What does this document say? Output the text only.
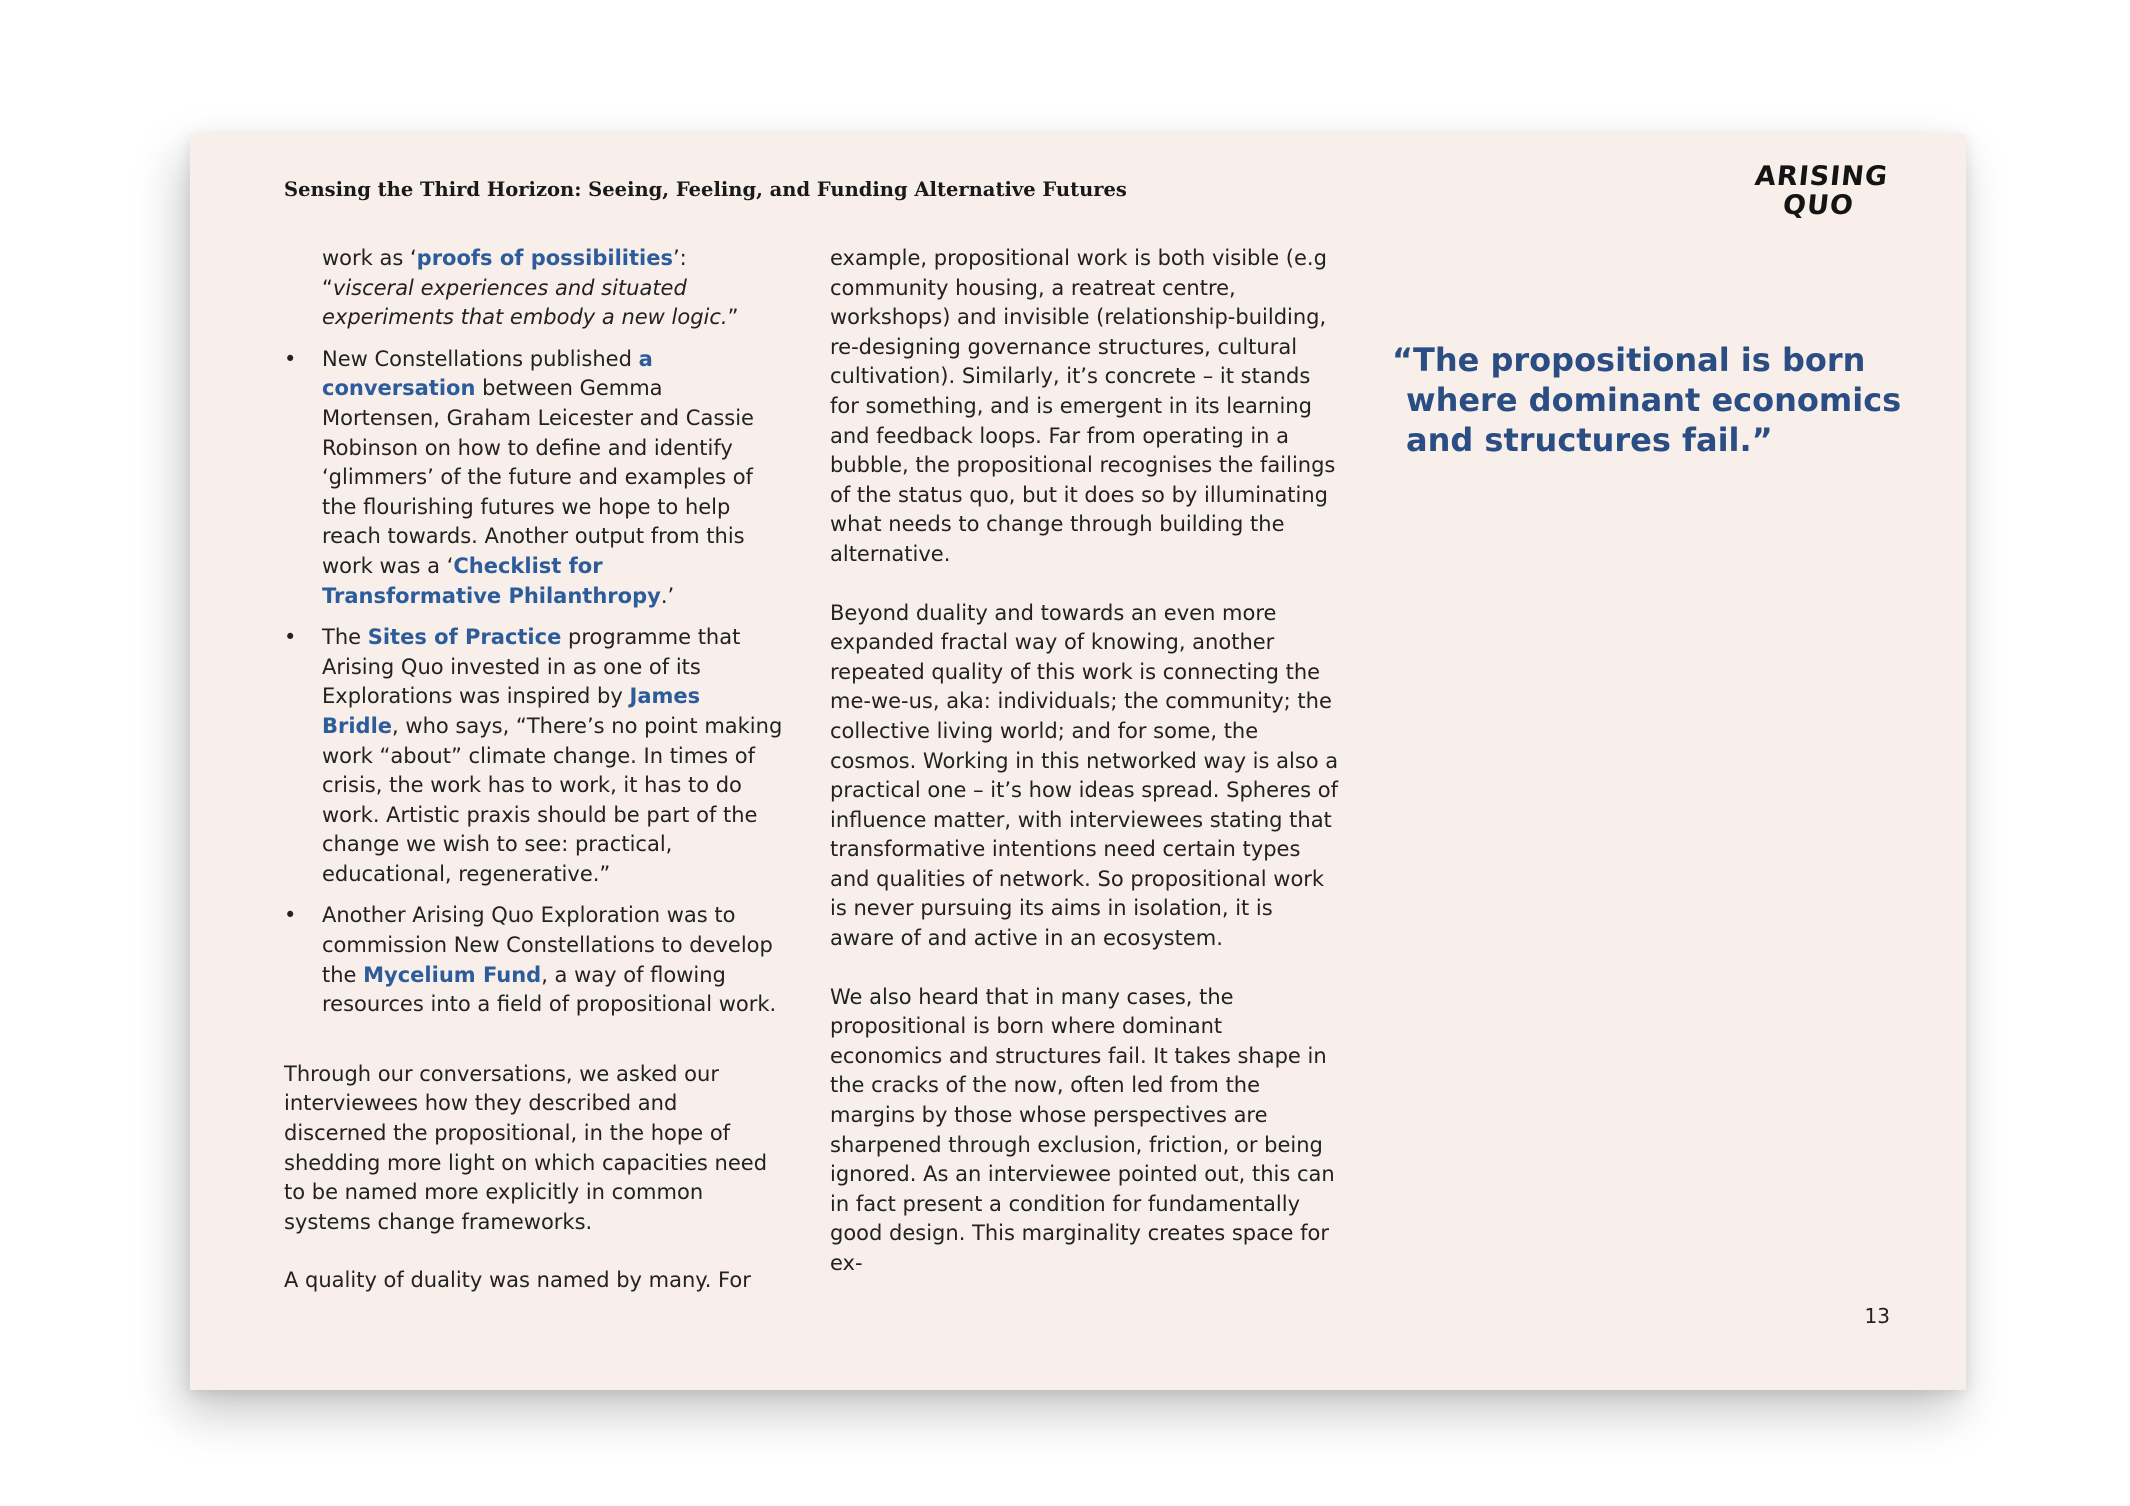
Sensing the Third Horizon: Seeing, Feeling, and Funding Alternative Futures	ARISING
QUO

work as ‘proofs of possibilities’: “visceral experiences and situated experiments that embody a new logic.”

• New Constellations published a conversation between Gemma Mortensen, Graham Leicester and Cassie Robinson on how to define and identify ‘glimmers’ of the future and examples of the flourishing futures we hope to help reach towards. Another output from this work was a ‘Checklist for Transformative Philanthropy.’
• The Sites of Practice programme that Arising Quo invested in as one of its Explorations was inspired by James Bridle, who says, “There’s no point making work “about” climate change. In times of crisis, the work has to work, it has to do work. Artistic praxis should be part of the change we wish to see: practical, educational, regenerative.”
• Another Arising Quo Exploration was to commission New Constellations to develop the Mycelium Fund, a way of flowing resources into a field of propositional work.

Through our conversations, we asked our interviewees how they described and discerned the propositional, in the hope of shedding more light on which capacities need to be named more explicitly in common systems change frameworks.

A quality of duality was named by many. For

example, propositional work is both visible (e.g community housing, a reatreat centre, workshops) and invisible (relationship-building, re-designing governance structures, cultural cultivation). Similarly, it’s concrete – it stands for something, and is emergent in its learning and feedback loops. Far from operating in a bubble, the propositional recognises the failings of the status quo, but it does so by illuminating what needs to change through building the alternative.

Beyond duality and towards an even more expanded fractal way of knowing, another repeated quality of this work is connecting the me-we-us, aka: individuals; the community; the collective living world; and for some, the cosmos. Working in this networked way is also a practical one – it’s how ideas spread. Spheres of influence matter, with interviewees stating that transformative intentions need certain types and qualities of network. So propositional work is never pursuing its aims in isolation, it is aware of and active in an ecosystem.

We also heard that in many cases, the propositional is born where dominant economics and structures fail. It takes shape in the cracks of the now, often led from the margins by those whose perspectives are sharpened through exclusion, friction, or being ignored. As an interviewee pointed out, this can in fact present a condition for fundamentally good design. This marginality creates space for ex-

“The propositional is born where dominant economics and structures fail.”

13
